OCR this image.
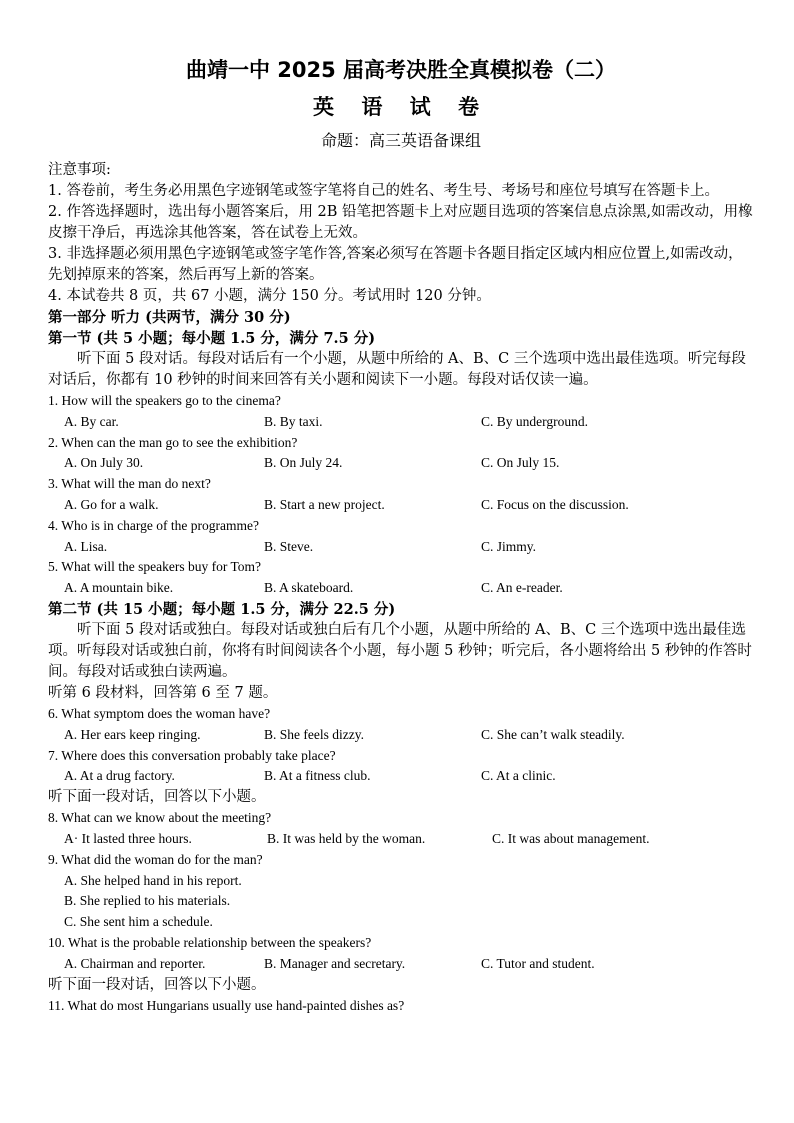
曲靖一中 2025 届高考决胜全真模拟卷（二）
英 语 试 卷
命题：高三英语备课组
注意事项:
1. 答卷前，考生务必用黑色字迹钢笔或签字笔将自己的姓名、考生号、考场号和座位号填写在答题卡上。
2. 作答选择题时，选出每小题答案后，用 2B 铅笔把答题卡上对应题目选项的答案信息点涂黑,如需改动，用橡皮擦干净后，再选涂其他答案，答在试卷上无效。
3. 非选择题必须用黑色字迹钢笔或签字笔作答,答案必须写在答题卡各题目指定区域内相应位置上,如需改动，先划掉原来的答案，然后再写上新的答案。
4. 本试卷共 8 页，共 67 小题，满分 150 分。考试用时 120 分钟。
第一部分 听力 (共两节，满分 30 分)
第一节 (共 5 小题；每小题 1.5 分，满分 7.5 分)
听下面 5 段对话。每段对话后有一个小题，从题中所给的 A、B、C 三个选项中选出最佳选项。听完每段对话后，你都有 10 秒钟的时间来回答有关小题和阅读下一小题。每段对话仅读一遍。
1. How will the speakers go to the cinema?
A. By car.	B. By taxi.	C. By underground.
2. When can the man go to see the exhibition?
A. On July 30.	B. On July 24.	C. On July 15.
3. What will the man do next?
A. Go for a walk.	B. Start a new project.	C. Focus on the discussion.
4. Who is in charge of the programme?
A. Lisa.	B. Steve.	C. Jimmy.
5. What will the speakers buy for Tom?
A. A mountain bike.	B. A skateboard.	C. An e-reader.
第二节 (共 15 小题；每小题 1.5 分，满分 22.5 分)
听下面 5 段对话或独白。每段对话或独白后有几个小题，从题中所给的 A、B、C 三个选项中选出最佳选项。听每段对话或独白前，你将有时间阅读各个小题，每小题 5 秒钟；听完后，各小题将给出 5 秒钟的作答时间。每段对话或独白读两遍。
听第 6 段材料，回答第 6 至 7 题。
6. What symptom does the woman have?
A. Her ears keep ringing.	B. She feels dizzy.	C. She can’t walk steadily.
7. Where does this conversation probably take place?
A. At a drug factory.	B. At a fitness club.	C. At a clinic.
听下面一段对话，回答以下小题。
8. What can we know about the meeting?
A· It lasted three hours.	B. It was held by the woman.	C. It was about management.
9. What did the woman do for the man?
A. She helped hand in his report.
B. She replied to his materials.
C. She sent him a schedule.
10. What is the probable relationship between the speakers?
A. Chairman and reporter.	B. Manager and secretary.	C. Tutor and student.
听下面一段对话，回答以下小题。
11. What do most Hungarians usually use hand-painted dishes as?
